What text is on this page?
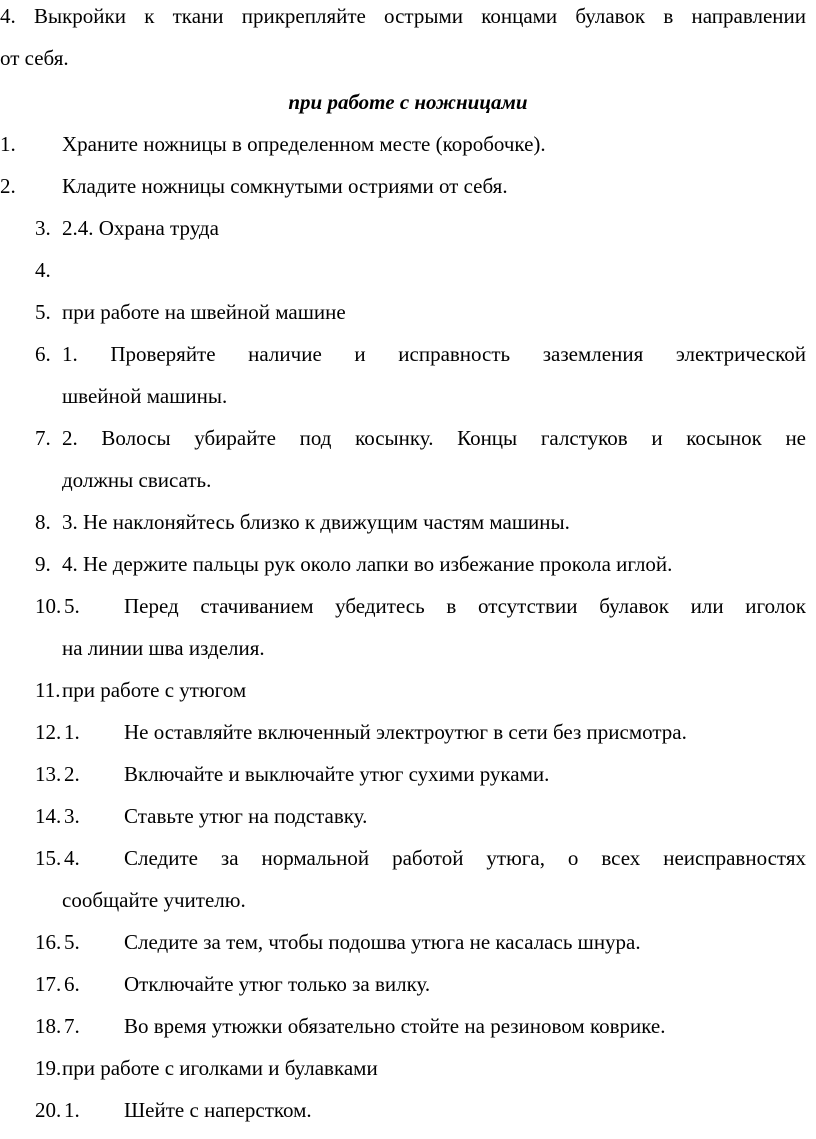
4. Выкройки к ткани прикрепляйте острыми концами булавок в направлении
от себя.
при работе с ножницами
1. Храните ножницы в определенном месте (коробочке).
2. Кладите ножницы сомкнутыми остриями от себя.
3. 2.4. Охрана труда
4.
5. при работе на швейной машине
6. 1. Проверяйте наличие и исправность заземления электрической
швейной машины.
7. 2. Волосы убирайте под косынку. Концы галстуков и косынок не
должны свисать.
8. 3. Не наклоняйтесь близко к движущим частям машины.
9. 4. Не держите пальцы рук около лапки во избежание прокола иглой.
10. 5. Перед стачиванием убедитесь в отсутствии булавок или иголок
на линии шва изделия.
11. при работе с утюгом
12. 1. Не оставляйте включенный электроутюг в сети без присмотра.
13. 2. Включайте и выключайте утюг сухими руками.
14. 3. Ставьте утюг на подставку.
15. 4. Следите за нормальной работой утюга, о всех неисправностях
сообщайте учителю.
16. 5. Следите за тем, чтобы подошва утюга не касалась шнура.
17. 6. Отключайте утюг только за вилку.
18. 7. Во время утюжки обязательно стойте на резиновом коврике.
19. при работе с иголками и булавками
20. 1. Шейте с наперстком.
